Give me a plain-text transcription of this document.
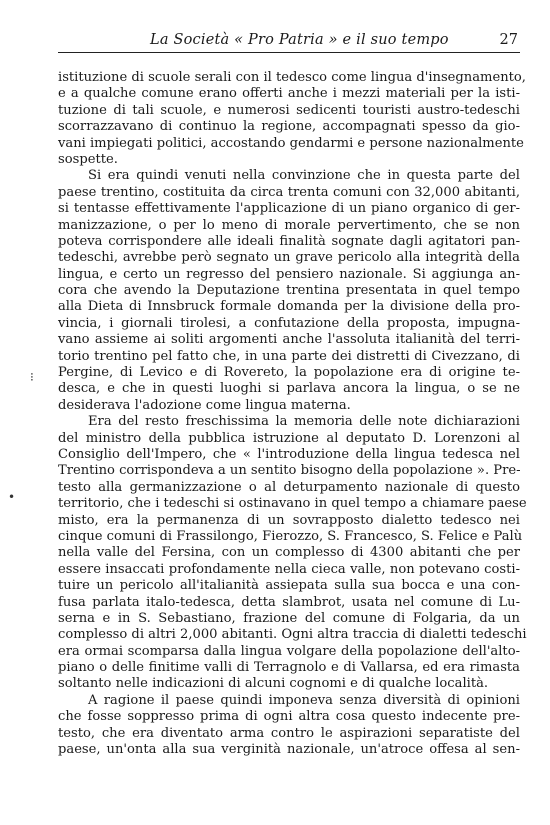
La Società « Pro Patria » e il suo tempo	27
⁝
•
istituzione di scuole serali con il tedesco come lingua d'insegnamento,
e a qualche comune erano offerti anche i mezzi materiali per la isti-
tuzione di tali scuole, e numerosi sedicenti touristi austro-tedeschi
scorrazzavano di continuo la regione, accompagnati spesso da gio-
vani impiegati politici, accostando gendarmi e persone nazionalmente
sospette.
Si era quindi venuti nella convinzione che in questa parte del
paese trentino, costituita da circa trenta comuni con 32,000 abitanti,
si tentasse effettivamente l'applicazione di un piano organico di ger-
manizzazione, o per lo meno di morale pervertimento, che se non
poteva corrispondere alle ideali finalità sognate dagli agitatori pan-
tedeschi, avrebbe però segnato un grave pericolo alla integrità della
lingua, e certo un regresso del pensiero nazionale. Si aggiunga an-
cora che avendo la Deputazione trentina presentata in quel tempo
alla Dieta di Innsbruck formale domanda per la divisione della pro-
vincia, i giornali tirolesi, a confutazione della proposta, impugna-
vano assieme ai soliti argomenti anche l'assoluta italianità del terri-
torio trentino pel fatto che, in una parte dei distretti di Civezzano, di
Pergine, di Levico e di Rovereto, la popolazione era di origine te-
desca, e che in questi luoghi si parlava ancora la lingua, o se ne
desiderava l'adozione come lingua materna.
Era del resto freschissima la memoria delle note dichiarazioni
del ministro della pubblica istruzione al deputato D. Lorenzoni al
Consiglio dell'Impero, che « l'introduzione della lingua tedesca nel
Trentino corrispondeva a un sentito bisogno della popolazione ». Pre-
testo alla germanizzazione o al deturpamento nazionale di questo
territorio, che i tedeschi si ostinavano in quel tempo a chiamare paese
misto, era la permanenza di un sovrapposto dialetto tedesco nei
cinque comuni di Frassilongo, Fierozzo, S. Francesco, S. Felice e Palù
nella valle del Fersina, con un complesso di 4300 abitanti che per
essere insaccati profondamente nella cieca valle, non potevano costi-
tuire un pericolo all'italianità assiepata sulla sua bocca e una con-
fusa parlata italo-tedesca, detta slambrot, usata nel comune di Lu-
serna e in S. Sebastiano, frazione del comune di Folgaria, da un
complesso di altri 2,000 abitanti. Ogni altra traccia di dialetti tedeschi
era ormai scomparsa dalla lingua volgare della popolazione dell'alto-
piano o delle finitime valli di Terragnolo e di Vallarsa, ed era rimasta
soltanto nelle indicazioni di alcuni cognomi e di qualche località.
A ragione il paese quindi imponeva senza diversità di opinioni
che fosse soppresso prima di ogni altra cosa questo indecente pre-
testo, che era diventato arma contro le aspirazioni separatiste del
paese, un'onta alla sua verginità nazionale, un'atroce offesa al sen-
